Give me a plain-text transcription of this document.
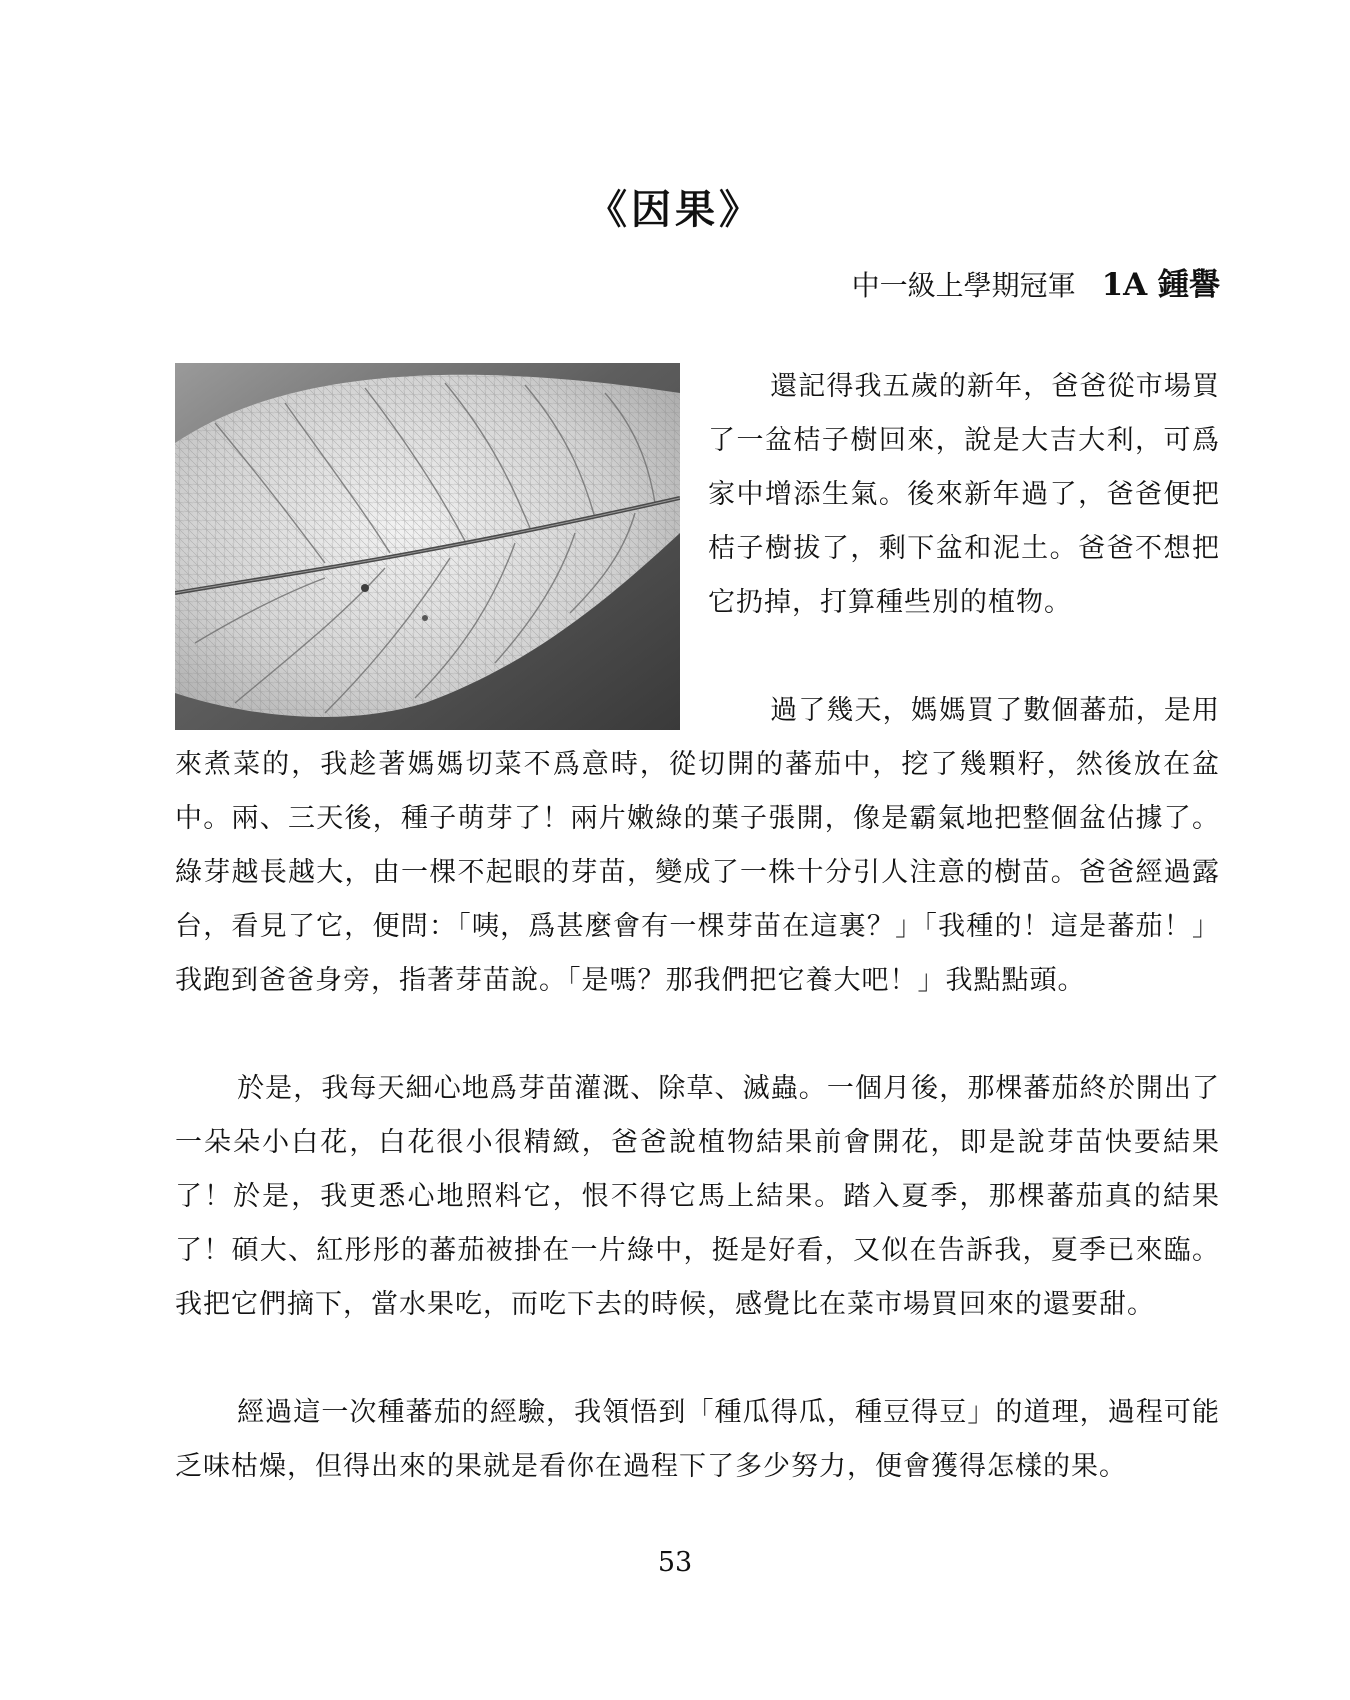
《因果》
中一級上學期冠軍 1A 鍾譽

還記得我五歲的新年，爸爸從市場買了一盆桔子樹回來，說是大吉大利，可爲家中增添生氣。後來新年過了，爸爸便把桔子樹拔了，剩下盆和泥土。爸爸不想把它扔掉，打算種些別的植物。

過了幾天，媽媽買了數個蕃茄，是用來煮菜的，我趁著媽媽切菜不爲意時，從切開的蕃茄中，挖了幾顆籽，然後放在盆中。兩、三天後，種子萌芽了！兩片嫩綠的葉子張開，像是霸氣地把整個盆佔據了。綠芽越長越大，由一棵不起眼的芽苗，變成了一株十分引人注意的樹苗。爸爸經過露台，看見了它，便問：「咦，爲甚麼會有一棵芽苗在這裏？」「我種的！這是蕃茄！」我跑到爸爸身旁，指著芽苗說。「是嗎？那我們把它養大吧！」我點點頭。

於是，我每天細心地爲芽苗灌溉、除草、滅蟲。一個月後，那棵蕃茄終於開出了一朵朵小白花，白花很小很精緻，爸爸說植物結果前會開花，即是說芽苗快要結果了！於是，我更悉心地照料它，恨不得它馬上結果。踏入夏季，那棵蕃茄真的結果了！碩大、紅彤彤的蕃茄被掛在一片綠中，挺是好看，又似在告訴我，夏季已來臨。我把它們摘下，當水果吃，而吃下去的時候，感覺比在菜市場買回來的還要甜。

經過這一次種蕃茄的經驗，我領悟到「種瓜得瓜，種豆得豆」的道理，過程可能乏味枯燥，但得出來的果就是看你在過程下了多少努力，便會獲得怎樣的果。

53
